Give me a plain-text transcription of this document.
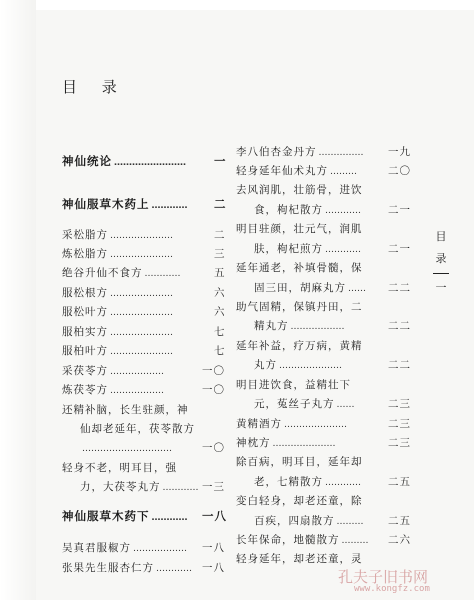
目 录
神仙统论 …………………… 一
神仙服草木药上 ………… 二
采松脂方 …………………	二
炼松脂方 …………………	三
绝谷升仙不食方 …………	五
服松根方 …………………	六
服松叶方 …………………	六
服柏实方 …………………	七
服柏叶方 …………………	七
采茯苓方 ………………	一〇
炼茯苓方 ………………	一〇
还精补脑，长生驻颜，神
仙却老延年，茯苓散方
…………………………	一〇
轻身不老，明耳目，强
力，大茯苓丸方 ………… 一三
神仙服草木药下 ………… 一八
吴真君服椒方 ……………… 一八
张果先生服杏仁方 ………… 一八
李八伯杏金丹方 …………… 一九
轻身延年仙术丸方 ………	二〇
去风润肌，壮筋骨，进饮
食，枸杞散方 …………	二一
明目驻颜，壮元气，润肌
肤，枸杞煎方 …………	二一
延年通老，补填骨髓，保
固三田，胡麻丸方 …… 二二
助气固精，保镇丹田，二
精丸方 ………………	二二
延年补益，疗万病，黄精
丸方 …………………	二二
明目进饮食，益精壮下
元，菟丝子丸方 ……	二三
黄精酒方 …………………	二三
神枕方 …………………	二三
除百病，明耳目，延年却
老，七精散方 …………	二五
变白轻身，却老还童，除
百疾，四扇散方 ……… 二五
长年保命，地髓散方 ……… 二六
轻身延年，却老还童，灵
目
录
一
孔夫子旧书网
www.kongfz.com
